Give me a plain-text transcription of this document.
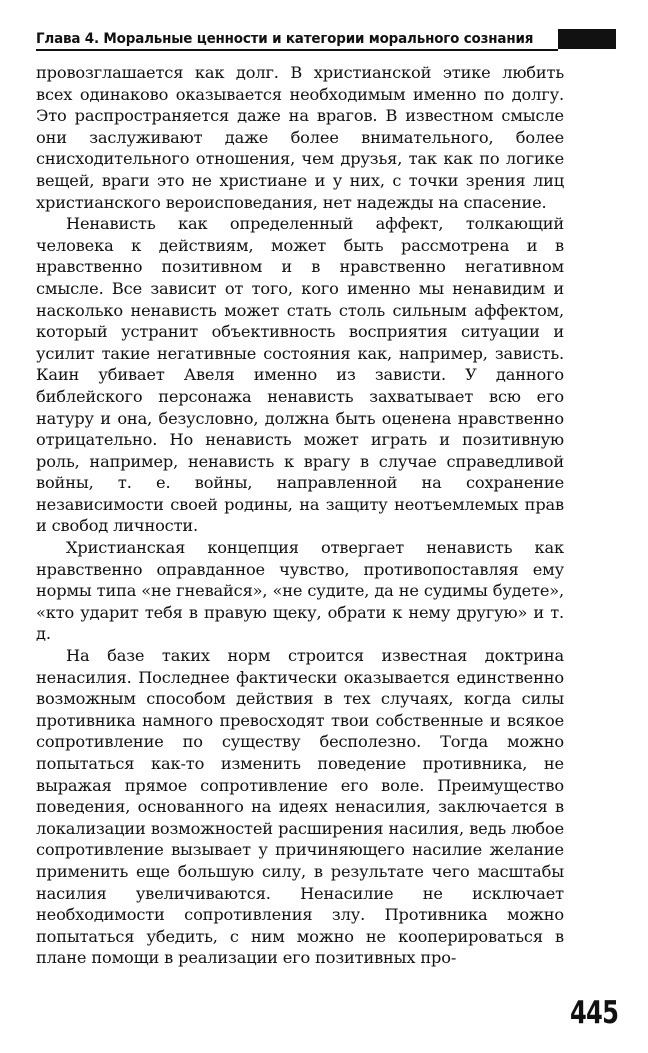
Глава 4. Моральные ценности и категории морального сознания

провозглашается как долг. В христианской этике любить всех одинаково оказывается необходимым именно по долгу. Это распространяется даже на врагов. В известном смысле они заслуживают даже более внимательного, более снисходительного отношения, чем друзья, так как по логике вещей, враги это не христиане и у них, с точки зрения лиц христианского вероисповедания, нет надежды на спасение.

Ненависть как определенный аффект, толкающий человека к действиям, может быть рассмотрена и в нравственно позитивном и в нравственно негативном смысле. Все зависит от того, кого именно мы ненавидим и насколько ненависть может стать столь сильным аффектом, который устранит объективность восприятия ситуации и усилит такие негативные состояния как, например, зависть. Каин убивает Авеля именно из зависти. У данного библейского персонажа ненависть захватывает всю его натуру и она, безусловно, должна быть оценена нравственно отрицательно. Но ненависть может играть и позитивную роль, например, ненависть к врагу в случае справедливой войны, т. е. войны, направленной на сохранение независимости своей родины, на защиту неотъемлемых прав и свобод личности.

Христианская концепция отвергает ненависть как нравственно оправданное чувство, противопоставляя ему нормы типа «не гневайся», «не судите, да не судимы будете», «кто ударит тебя в правую щеку, обрати к нему другую» и т. д.

На базе таких норм строится известная доктрина ненасилия. Последнее фактически оказывается единственно возможным способом действия в тех случаях, когда силы противника намного превосходят твои собственные и всякое сопротивление по существу бесполезно. Тогда можно попытаться как-то изменить поведение противника, не выражая прямое сопротивление его воле. Преимущество поведения, основанного на идеях ненасилия, заключается в локализации возможностей расширения насилия, ведь любое сопротивление вызывает у причиняющего насилие желание применить еще большую силу, в результате чего масштабы насилия увеличиваются. Ненасилие не исключает необходимости сопротивления злу. Противника можно попытаться убедить, с ним можно не кооперироваться в плане помощи в реализации его позитивных про-

445
